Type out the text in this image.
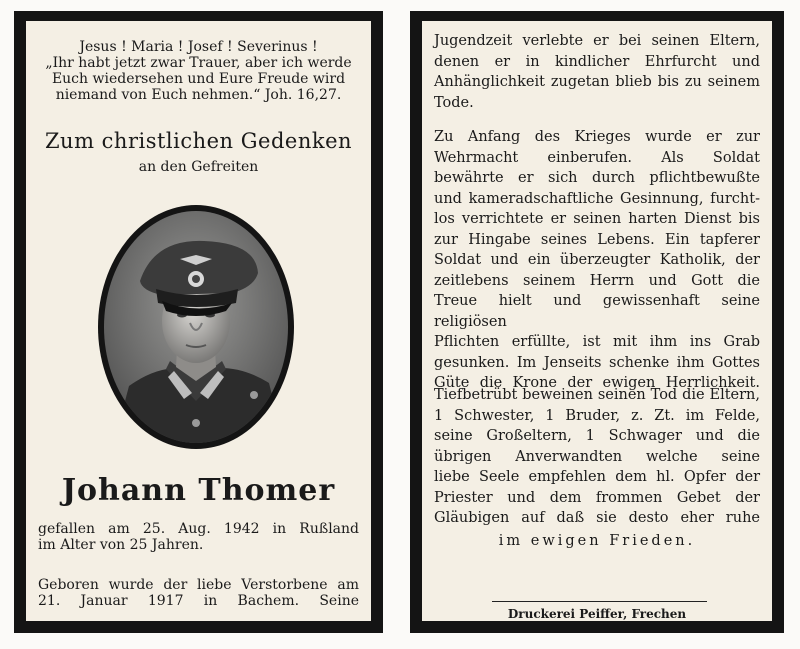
Jesus ! Maria ! Josef ! Severinus !
„Ihr habt jetzt zwar Trauer, aber ich werde
Euch wiedersehen und Eure Freude wird
niemand von Euch nehmen.“ Joh. 16,27.
Zum christlichen Gedenken
an den Gefreiten
Johann Thomer
gefallen am 25. Aug. 1942 in Rußland
im Alter von 25 Jahren.
Geboren wurde der liebe Verstorbene am
21. Januar 1917 in Bachem. Seine
Jugendzeit verlebte er bei seinen Eltern,
denen er in kindlicher Ehrfurcht und
Anhänglichkeit zugetan blieb bis zu seinem
Tode.
Zu Anfang des Krieges wurde er zur
Wehrmacht einberufen. Als Soldat
bewährte er sich durch pflichtbewußte
und kameradschaftliche Gesinnung, furcht-
los verrichtete er seinen harten Dienst bis
zur Hingabe seines Lebens. Ein tapferer
Soldat und ein überzeugter Katholik, der
zeitlebens seinem Herrn und Gott die
Treue hielt und gewissenhaft seine religiösen
Pflichten erfüllte, ist mit ihm ins Grab
gesunken. Im Jenseits schenke ihm Gottes
Güte die Krone der ewigen Herrlichkeit.
Tiefbetrübt beweinen seinen Tod die Eltern,
1 Schwester, 1 Bruder, z. Zt. im Felde,
seine Großeltern, 1 Schwager und die
übrigen Anverwandten welche seine
liebe Seele empfehlen dem hl. Opfer der
Priester und dem frommen Gebet der
Gläubigen auf daß sie desto eher ruhe
im ewigen Frieden.
Druckerei Peiffer, Frechen
